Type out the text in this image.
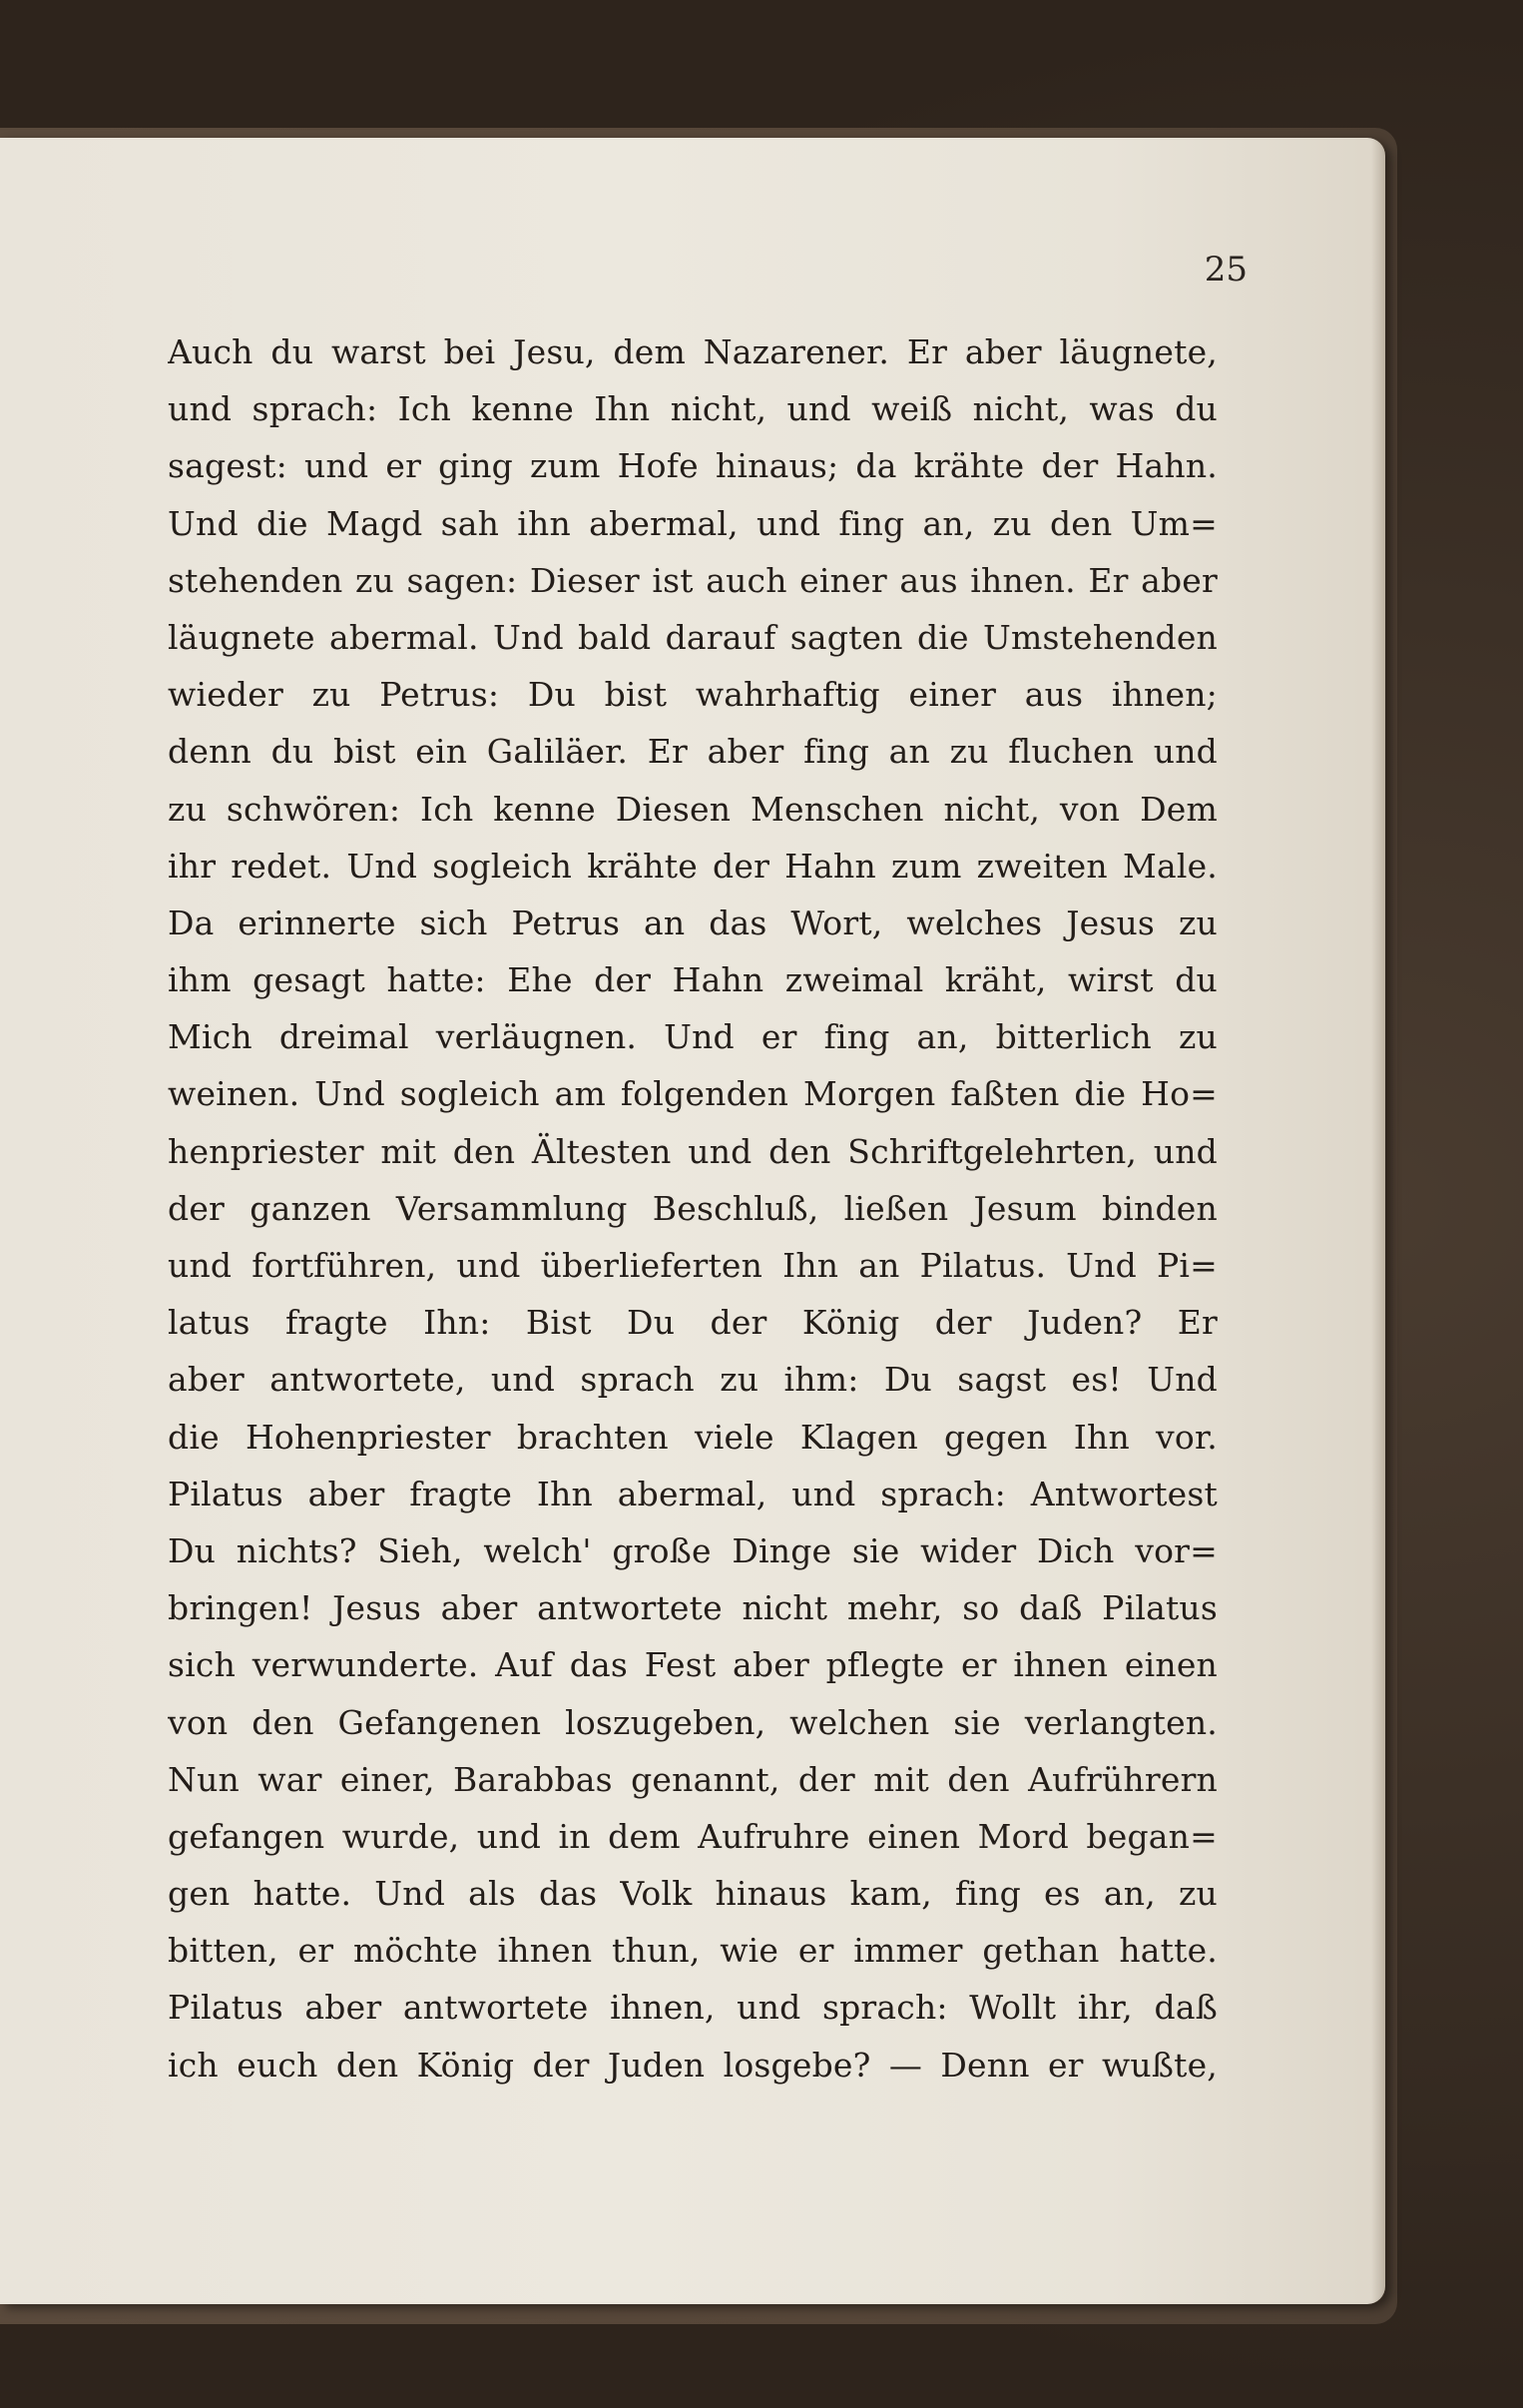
25
Auch du warst bei Jesu, dem Nazarener. Er aber läugnete,
und sprach: Ich kenne Ihn nicht, und weiß nicht, was du
sagest: und er ging zum Hofe hinaus; da krähte der Hahn.
Und die Magd sah ihn abermal, und fing an, zu den Um=
stehenden zu sagen: Dieser ist auch einer aus ihnen. Er aber
läugnete abermal. Und bald darauf sagten die Umstehenden
wieder zu Petrus: Du bist wahrhaftig einer aus ihnen;
denn du bist ein Galiläer. Er aber fing an zu fluchen und
zu schwören: Ich kenne Diesen Menschen nicht, von Dem
ihr redet. Und sogleich krähte der Hahn zum zweiten Male.
Da erinnerte sich Petrus an das Wort, welches Jesus zu
ihm gesagt hatte: Ehe der Hahn zweimal kräht, wirst du
Mich dreimal verläugnen. Und er fing an, bitterlich zu
weinen. Und sogleich am folgenden Morgen faßten die Ho=
henpriester mit den Ältesten und den Schriftgelehrten, und
der ganzen Versammlung Beschluß, ließen Jesum binden
und fortführen, und überlieferten Ihn an Pilatus. Und Pi=
latus fragte Ihn: Bist Du der König der Juden? Er
aber antwortete, und sprach zu ihm: Du sagst es! Und
die Hohenpriester brachten viele Klagen gegen Ihn vor.
Pilatus aber fragte Ihn abermal, und sprach: Antwortest
Du nichts? Sieh, welch' große Dinge sie wider Dich vor=
bringen! Jesus aber antwortete nicht mehr, so daß Pilatus
sich verwunderte. Auf das Fest aber pflegte er ihnen einen
von den Gefangenen loszugeben, welchen sie verlangten.
Nun war einer, Barabbas genannt, der mit den Aufrührern
gefangen wurde, und in dem Aufruhre einen Mord began=
gen hatte. Und als das Volk hinaus kam, fing es an, zu
bitten, er möchte ihnen thun, wie er immer gethan hatte.
Pilatus aber antwortete ihnen, und sprach: Wollt ihr, daß
ich euch den König der Juden losgebe? — Denn er wußte,
